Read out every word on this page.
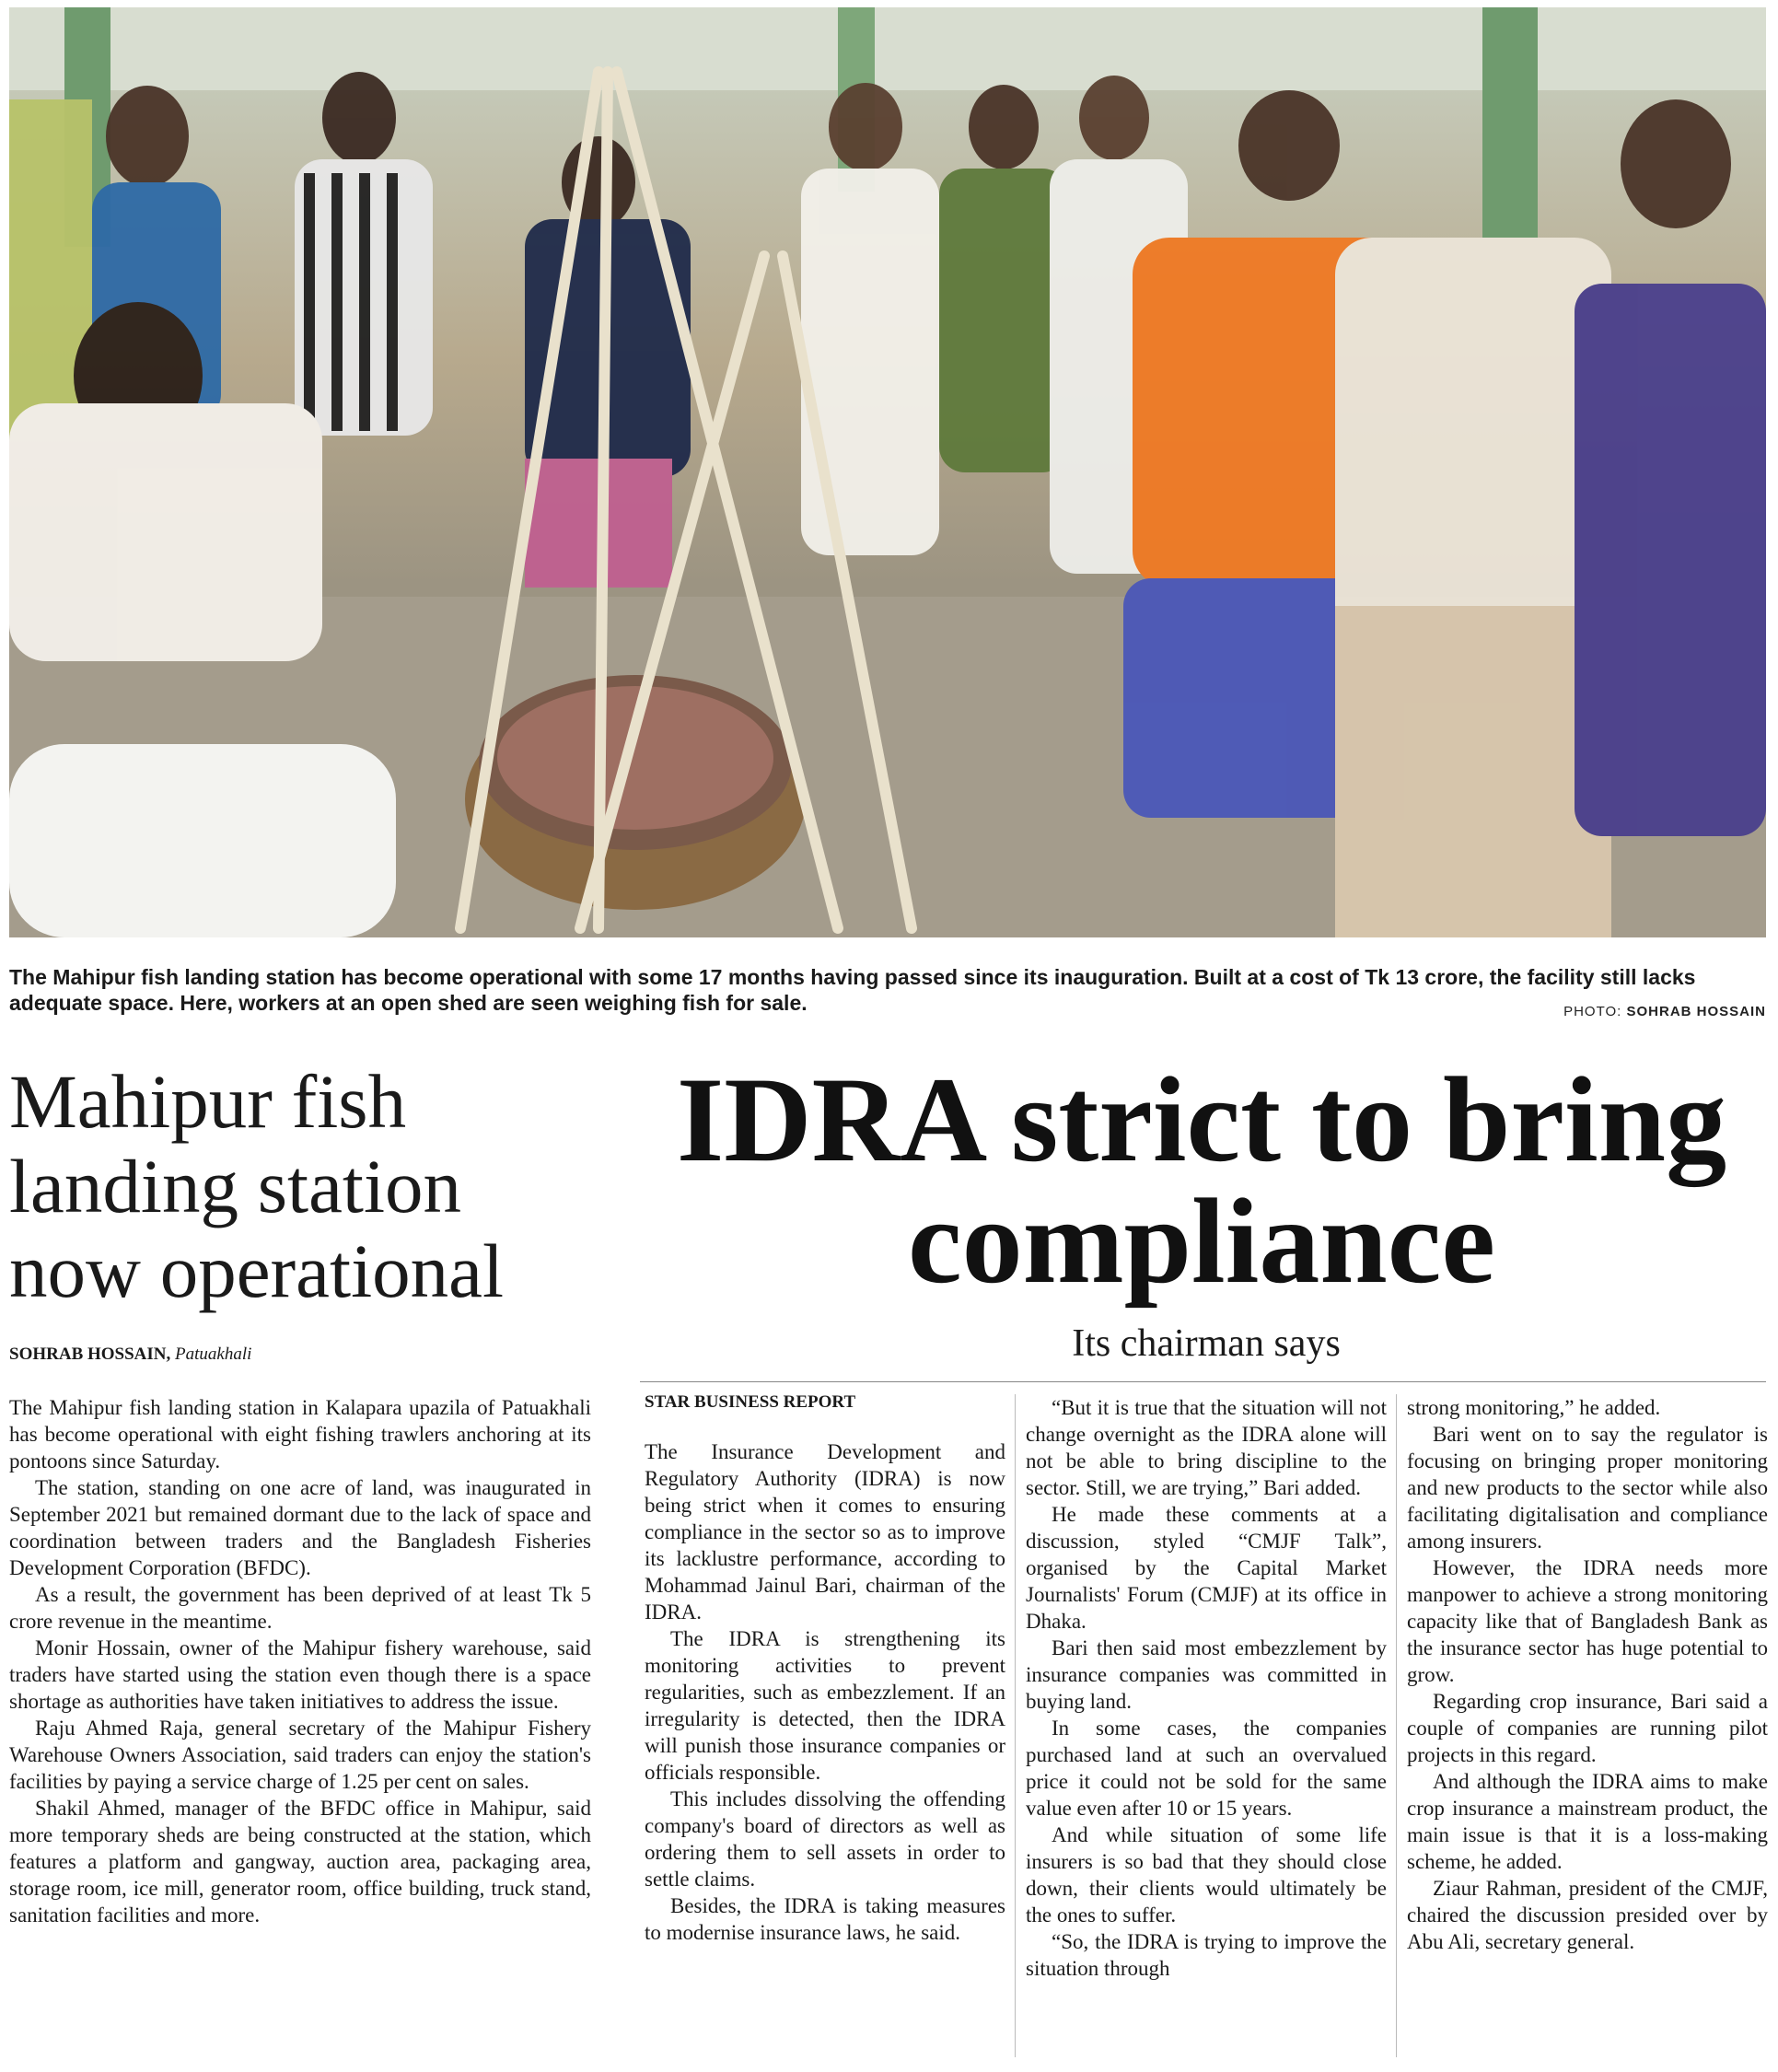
The Mahipur fish landing station has become operational with some 17 months having passed since its inauguration. Built at a cost of Tk 13 crore, the facility still lacks adequate space. Here, workers at an open shed are seen weighing fish for sale.	PHOTO: SOHRAB HOSSAIN
Mahipur fish landing station now operational
SOHRAB HOSSAIN, Patuakhali

The Mahipur fish landing station in Kalapara upazila of Patuakhali has become operational with eight fishing trawlers anchoring at its pontoons since Saturday.

The station, standing on one acre of land, was inaugurated in September 2021 but remained dormant due to the lack of space and coordination between traders and the Bangladesh Fisheries Development Corporation (BFDC).

As a result, the government has been deprived of at least Tk 5 crore revenue in the meantime.

Monir Hossain, owner of the Mahipur fishery warehouse, said traders have started using the station even though there is a space shortage as authorities have taken initiatives to address the issue.

Raju Ahmed Raja, general secretary of the Mahipur Fishery Warehouse Owners Association, said traders can enjoy the station's facilities by paying a service charge of 1.25 per cent on sales.

Shakil Ahmed, manager of the BFDC office in Mahipur, said more temporary sheds are being constructed at the station, which features a platform and gangway, auction area, packaging area, storage room, ice mill, generator room, office building, truck stand, sanitation facilities and more.

IDRA strict to bring compliance
Its chairman says
STAR BUSINESS REPORT

The Insurance Development and Regulatory Authority (IDRA) is now being strict when it comes to ensuring compliance in the sector so as to improve its lacklustre performance, according to Mohammad Jainul Bari, chairman of the IDRA.

The IDRA is strengthening its monitoring activities to prevent regularities, such as embezzlement. If an irregularity is detected, then the IDRA will punish those insurance companies or officials responsible.

This includes dissolving the offending company's board of directors as well as ordering them to sell assets in order to settle claims.

Besides, the IDRA is taking measures to modernise insurance laws, he said.

“But it is true that the situation will not change overnight as the IDRA alone will not be able to bring discipline to the sector. Still, we are trying,” Bari added.

He made these comments at a discussion, styled “CMJF Talk”, organised by the Capital Market Journalists' Forum (CMJF) at its office in Dhaka.

Bari then said most embezzlement by insurance companies was committed in buying land.

In some cases, the companies purchased land at such an overvalued price it could not be sold for the same value even after 10 or 15 years.

And while situation of some life insurers is so bad that they should close down, their clients would ultimately be the ones to suffer.

“So, the IDRA is trying to improve the situation through

strong monitoring,” he added.

Bari went on to say the regulator is focusing on bringing proper monitoring and new products to the sector while also facilitating digitalisation and compliance among insurers.

However, the IDRA needs more manpower to achieve a strong monitoring capacity like that of Bangladesh Bank as the insurance sector has huge potential to grow.

Regarding crop insurance, Bari said a couple of companies are running pilot projects in this regard.

And although the IDRA aims to make crop insurance a mainstream product, the main issue is that it is a loss-making scheme, he added.

Ziaur Rahman, president of the CMJF, chaired the discussion presided over by Abu Ali, secretary general.
